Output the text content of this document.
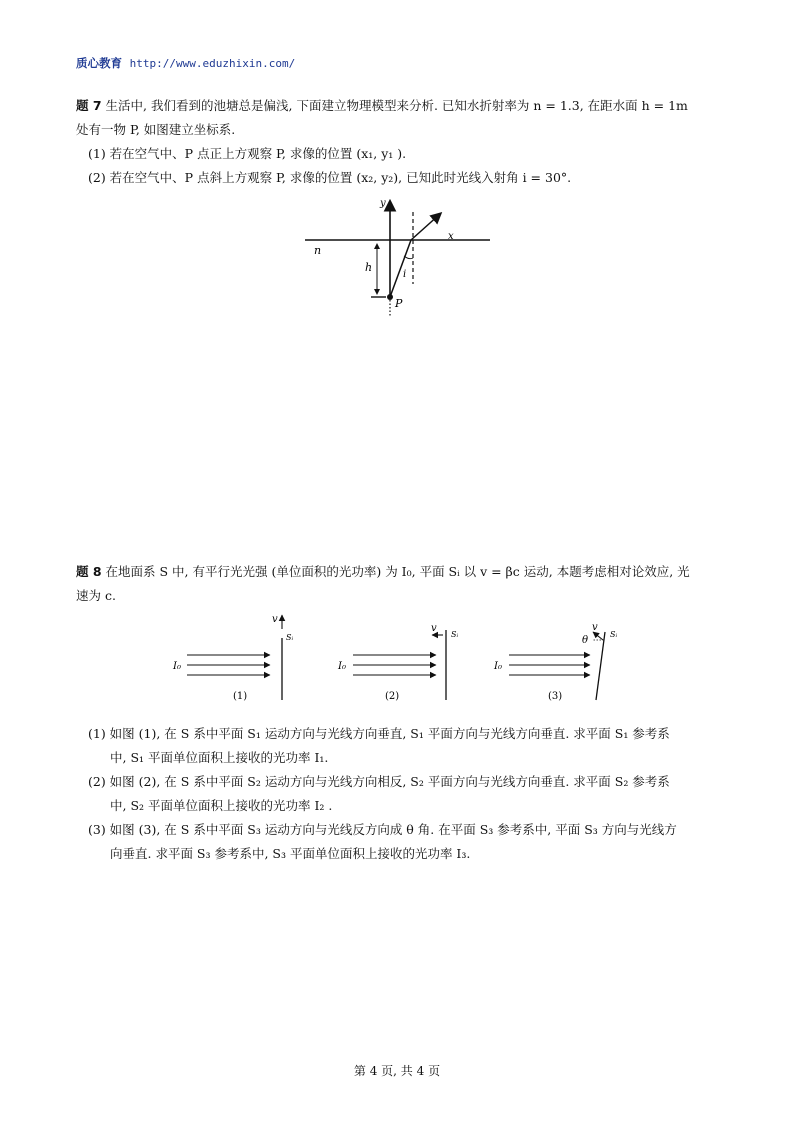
质心教育 http://www.eduzhixin.com/
题 7 生活中, 我们看到的池塘总是偏浅, 下面建立物理模型来分析. 已知水折射率为 n = 1.3, 在距水面 h = 1m
处有一物 P, 如图建立坐标系.
(1) 若在空气中、P 点正上方观察 P, 求像的位置 (x₁, y₁ ).
(2) 若在空气中、P 点斜上方观察 P, 求像的位置 (x₂, y₂), 已知此时光线入射角 i = 30°.
y
x
n
h
i
P
题 8 在地面系 S 中, 有平行光光强 (单位面积的光功率) 为 I₀, 平面 Sᵢ 以 v = βc 运动, 本题考虑相对论效应, 光
速为 c.
I₀
v
Sᵢ
(1)
I₀
v
Sᵢ
(2)
I₀
v
θ
Sᵢ
(3)
(1) 如图 (1), 在 S 系中平面 S₁ 运动方向与光线方向垂直, S₁ 平面方向与光线方向垂直. 求平面 S₁ 参考系
中, S₁ 平面单位面积上接收的光功率 I₁.
(2) 如图 (2), 在 S 系中平面 S₂ 运动方向与光线方向相反, S₂ 平面方向与光线方向垂直. 求平面 S₂ 参考系
中, S₂ 平面单位面积上接收的光功率 I₂ .
(3) 如图 (3), 在 S 系中平面 S₃ 运动方向与光线反方向成 θ 角. 在平面 S₃ 参考系中, 平面 S₃ 方向与光线方
向垂直. 求平面 S₃ 参考系中, S₃ 平面单位面积上接收的光功率 I₃.
第 4 页, 共 4 页
